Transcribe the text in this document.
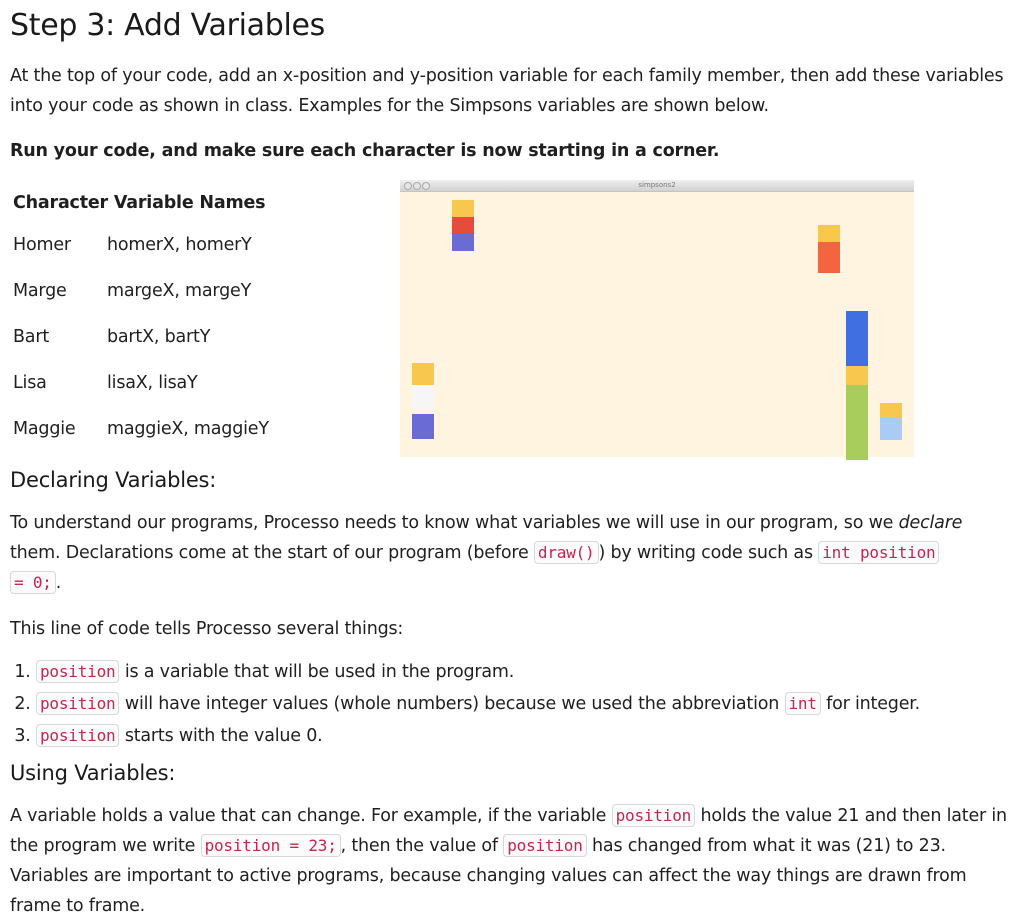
Step 3: Add Variables

At the top of your code, add an x-position and y-position variable for each family member, then add these variables into your code as shown in class. Examples for the Simpsons variables are shown below.

Run your code, and make sure each character is now starting in a corner.

Character Variable Names	
Homer	homerX, homerY
Marge	margeX, margeY
Bart	bartX, bartY
Lisa	lisaX, lisaY
Maggie	maggieX, maggieY
simpsons2
Declaring Variables:

To understand our programs, Processo needs to know what variables we will use in our program, so we declare them. Declarations come at the start of our program (before draw() ) by writing code such as int position
= 0; .

This line of code tells Processo several things:

1. position is a variable that will be used in the program.
2. position will have integer values (whole numbers) because we used the abbreviation int for integer.
3. position starts with the value 0.
Using Variables:

A variable holds a value that can change. For example, if the variable position holds the value 21 and then later in the program we write position = 23; , then the value of position has changed from what it was (21) to 23. Variables are important to active programs, because changing values can affect the way things are drawn from frame to frame.
